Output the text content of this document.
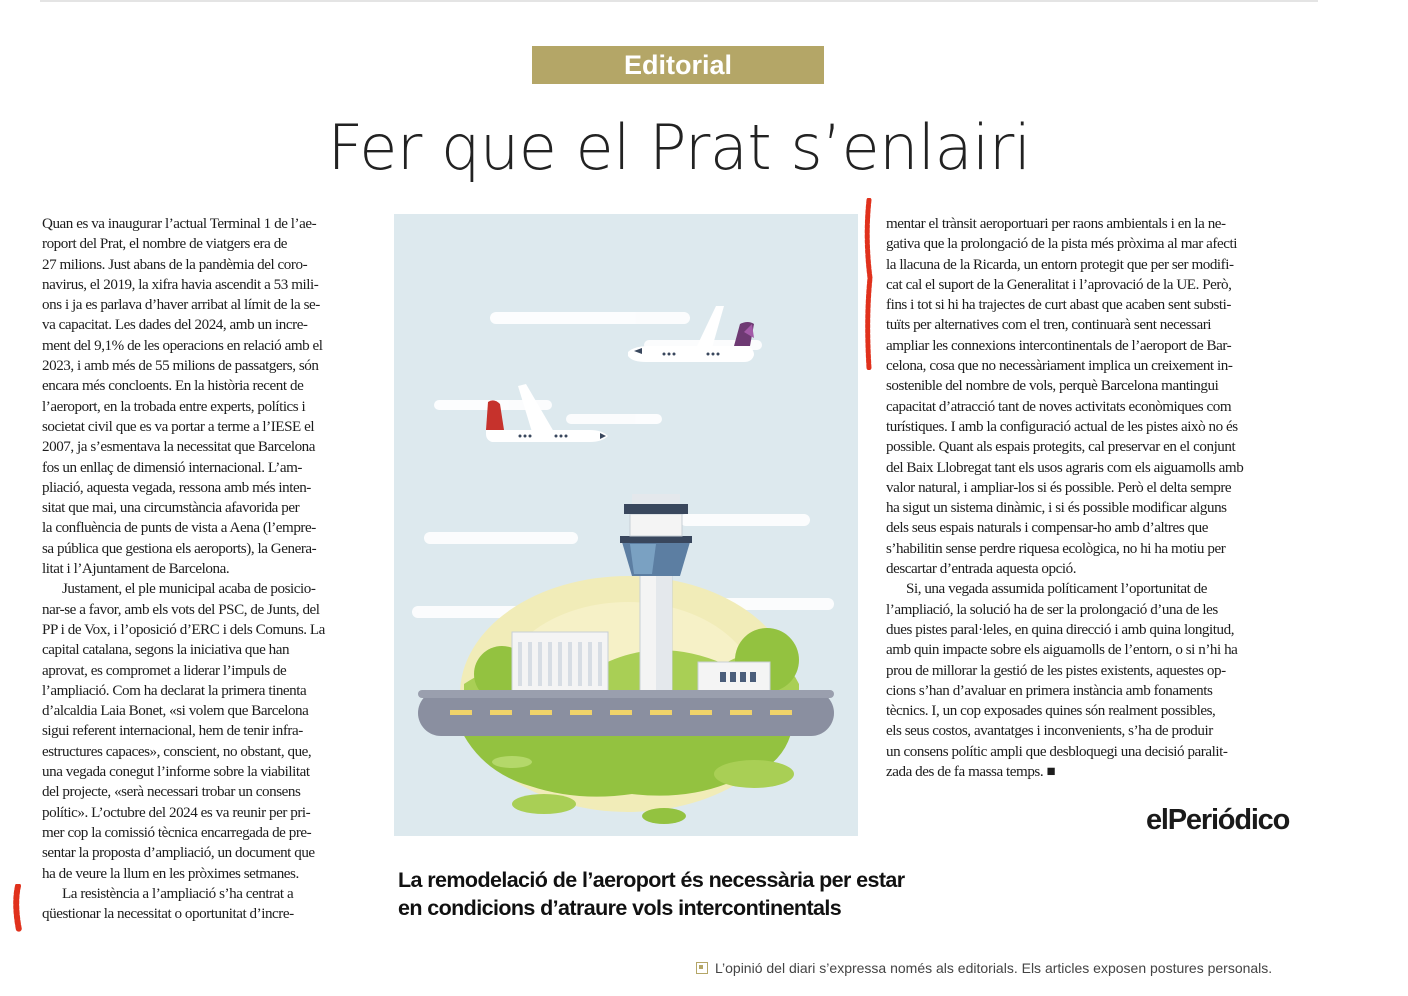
Editorial
Fer que el Prat s’enlairi
Quan es va inaugurar l’actual Terminal 1 de l’ae-
roport del Prat, el nombre de viatgers era de
27 milions. Just abans de la pandèmia del coro-
navirus, el 2019, la xifra havia ascendit a 53 mili-
ons i ja es parlava d’haver arribat al límit de la se-
va capacitat. Les dades del 2024, amb un incre-
ment del 9,1% de les operacions en relació amb el
2023, i amb més de 55 milions de passatgers, són
encara més concloents. En la història recent de
l’aeroport, en la trobada entre experts, polítics i
societat civil que es va portar a terme a l’IESE el
2007, ja s’esmentava la necessitat que Barcelona
fos un enllaç de dimensió internacional. L’am-
pliació, aquesta vegada, ressona amb més inten-
sitat que mai, una circumstància afavorida per
la confluència de punts de vista a Aena (l’empre-
sa pública que gestiona els aeroports), la Genera-
litat i l’Ajuntament de Barcelona.
Justament, el ple municipal acaba de posicio-
nar-se a favor, amb els vots del PSC, de Junts, del
PP i de Vox, i l’oposició d’ERC i dels Comuns. La
capital catalana, segons la iniciativa que han
aprovat, es compromet a liderar l’impuls de
l’ampliació. Com ha declarat la primera tinenta
d’alcaldia Laia Bonet, «si volem que Barcelona
sigui referent internacional, hem de tenir infra-
estructures capaces», conscient, no obstant, que,
una vegada conegut l’informe sobre la viabilitat
del projecte, «serà necessari trobar un consens
polític». L’octubre del 2024 es va reunir per pri-
mer cop la comissió tècnica encarregada de pre-
sentar la proposta d’ampliació, un document que
ha de veure la llum en les pròximes setmanes.
La resistència a l’ampliació s’ha centrat a
qüestionar la necessitat o oportunitat d’incre-
mentar el trànsit aeroportuari per raons ambientals i en la ne-
gativa que la prolongació de la pista més pròxima al mar afecti
la llacuna de la Ricarda, un entorn protegit que per ser modifi-
cat cal el suport de la Generalitat i l’aprovació de la UE. Però,
fins i tot si hi ha trajectes de curt abast que acaben sent substi-
tuïts per alternatives com el tren, continuarà sent necessari
ampliar les connexions intercontinentals de l’aeroport de Bar-
celona, cosa que no necessàriament implica un creixement in-
sostenible del nombre de vols, perquè Barcelona mantingui
capacitat d’atracció tant de noves activitats econòmiques com
turístiques. I amb la configuració actual de les pistes això no és
possible. Quant als espais protegits, cal preservar en el conjunt
del Baix Llobregat tant els usos agraris com els aiguamolls amb
valor natural, i ampliar-los si és possible. Però el delta sempre
ha sigut un sistema dinàmic, i si és possible modificar alguns
dels seus espais naturals i compensar-ho amb d’altres que
s’habilitin sense perdre riquesa ecològica, no hi ha motiu per
descartar d’entrada aquesta opció.
Si, una vegada assumida políticament l’oportunitat de
l’ampliació, la solució ha de ser la prolongació d’una de les
dues pistes paral·leles, en quina direcció i amb quina longitud,
amb quin impacte sobre els aiguamolls de l’entorn, o si n’hi ha
prou de millorar la gestió de les pistes existents, aquestes op-
cions s’han d’avaluar en primera instància amb fonaments
tècnics. I, un cop exposades quines són realment possibles,
els seus costos, avantatges i inconvenients, s’ha de produir
un consens polític ampli que desbloquegi una decisió paralit-
zada des de fa massa temps. ■
elPeriódico
La remodelació de l’aeroport és necessària per estar
en condicions d’atraure vols intercontinentals
L’opinió del diari s’expressa només als editorials. Els articles exposen postures personals.
